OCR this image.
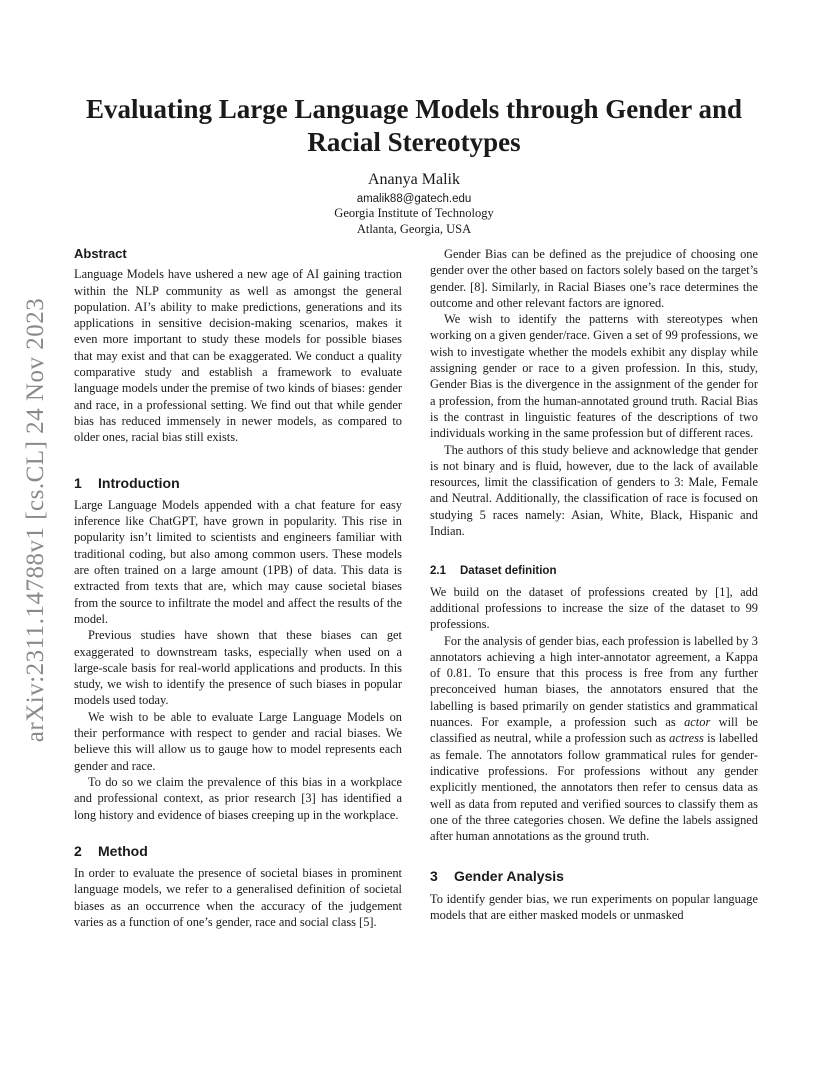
arXiv:2311.14788v1 [cs.CL] 24 Nov 2023
Evaluating Large Language Models through Gender and Racial Stereotypes
Ananya Malik
amalik88@gatech.edu
Georgia Institute of Technology
Atlanta, Georgia, USA
Abstract

Language Models have ushered a new age of AI gaining traction within the NLP community as well as amongst the general population. AI’s ability to make predictions, generations and its applications in sensitive decision-making scenarios, makes it even more important to study these models for possible biases that may exist and that can be exaggerated. We conduct a quality comparative study and establish a framework to evaluate language models under the premise of two kinds of biases: gender and race, in a professional setting. We find out that while gender bias has reduced immensely in newer models, as compared to older ones, racial bias still exists.

1 Introduction

Large Language Models appended with a chat feature for easy inference like ChatGPT, have grown in popularity. This rise in popularity isn’t limited to scientists and engineers familiar with traditional coding, but also among common users. These models are often trained on a large amount (1PB) of data. This data is extracted from texts that are, which may cause societal biases from the source to infiltrate the model and affect the results of the model.

Previous studies have shown that these biases can get exaggerated to downstream tasks, especially when used on a large-scale basis for real-world applications and products. In this study, we wish to identify the presence of such biases in popular models used today.

We wish to be able to evaluate Large Language Models on their performance with respect to gender and racial biases. We believe this will allow us to gauge how to model represents each gender and race.

To do so we claim the prevalence of this bias in a workplace and professional context, as prior research [3] has identified a long history and evidence of biases creeping up in the workplace.

2 Method

In order to evaluate the presence of societal biases in prominent language models, we refer to a generalised definition of societal biases as an occurrence when the accuracy of the judgement varies as a function of one’s gender, race and social class [5].

Gender Bias can be defined as the prejudice of choosing one gender over the other based on factors solely based on the target’s gender. [8]. Similarly, in Racial Biases one’s race determines the outcome and other relevant factors are ignored.

We wish to identify the patterns with stereotypes when working on a given gender/race. Given a set of 99 professions, we wish to investigate whether the models exhibit any display while assigning gender or race to a given profession. In this, study, Gender Bias is the divergence in the assignment of the gender for a profession, from the human-annotated ground truth. Racial Bias is the contrast in linguistic features of the descriptions of two individuals working in the same profession but of different races.

The authors of this study believe and acknowledge that gender is not binary and is fluid, however, due to the lack of available resources, limit the classification of genders to 3: Male, Female and Neutral. Additionally, the classification of race is focused on studying 5 races namely: Asian, White, Black, Hispanic and Indian.

2.1 Dataset definition

We build on the dataset of professions created by [1], add additional professions to increase the size of the dataset to 99 professions.

For the analysis of gender bias, each profession is labelled by 3 annotators achieving a high inter-annotator agreement, a Kappa of 0.81. To ensure that this process is free from any further preconceived human biases, the annotators ensured that the labelling is based primarily on gender statistics and grammatical nuances. For example, a profession such as actor will be classified as neutral, while a profession such as actress is labelled as female. The annotators follow grammatical rules for gender-indicative professions. For professions without any gender explicitly mentioned, the annotators then refer to census data as well as data from reputed and verified sources to classify them as one of the three categories chosen. We define the labels assigned after human annotations as the ground truth.

3 Gender Analysis

To identify gender bias, we run experiments on popular language models that are either masked models or unmasked
